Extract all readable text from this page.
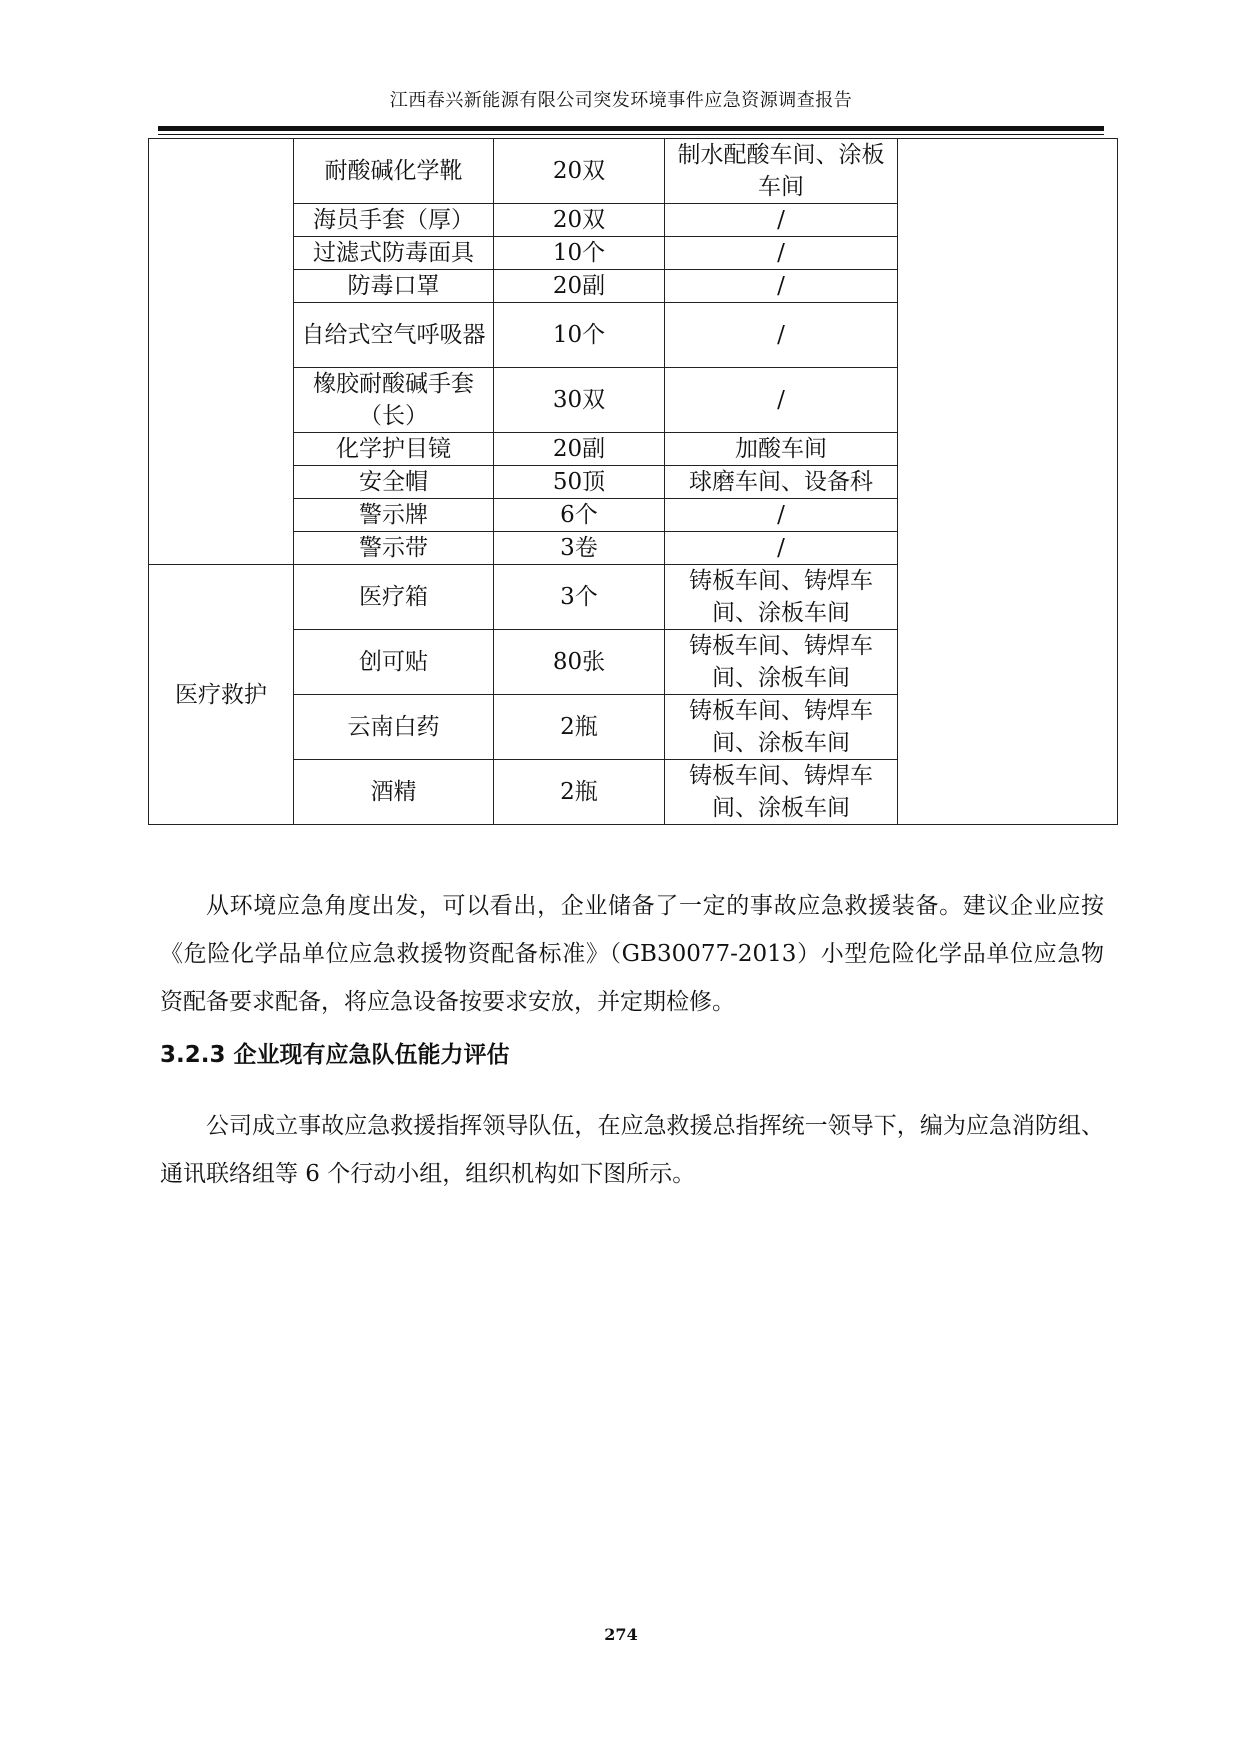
江西春兴新能源有限公司突发环境事件应急资源调查报告
	耐酸碱化学靴	20双	制水配酸车间、涂板车间	
	海员手套（厚）	20双	/	
	过滤式防毒面具	10个	/	
	防毒口罩	20副	/	
	自给式空气呼吸器	10个	/	
	橡胶耐酸碱手套（长）	30双	/	
	化学护目镜	20副	加酸车间	
	安全帽	50顶	球磨车间、设备科	
	警示牌	6个	/	
	警示带	3卷	/	
医疗救护	医疗箱	3个	铸板车间、铸焊车间、涂板车间	
	创可贴	80张	铸板车间、铸焊车间、涂板车间	
	云南白药	2瓶	铸板车间、铸焊车间、涂板车间	
	酒精	2瓶	铸板车间、铸焊车间、涂板车间	
从环境应急角度出发，可以看出，企业储备了一定的事故应急救援装备。建议企业应按《危险化学品单位应急救援物资配备标准》（GB30077-2013）小型危险化学品单位应急物资配备要求配备，将应急设备按要求安放，并定期检修。
3.2.3 企业现有应急队伍能力评估
公司成立事故应急救援指挥领导队伍，在应急救援总指挥统一领导下，编为应急消防组、通讯联络组等 6 个行动小组，组织机构如下图所示。
274
